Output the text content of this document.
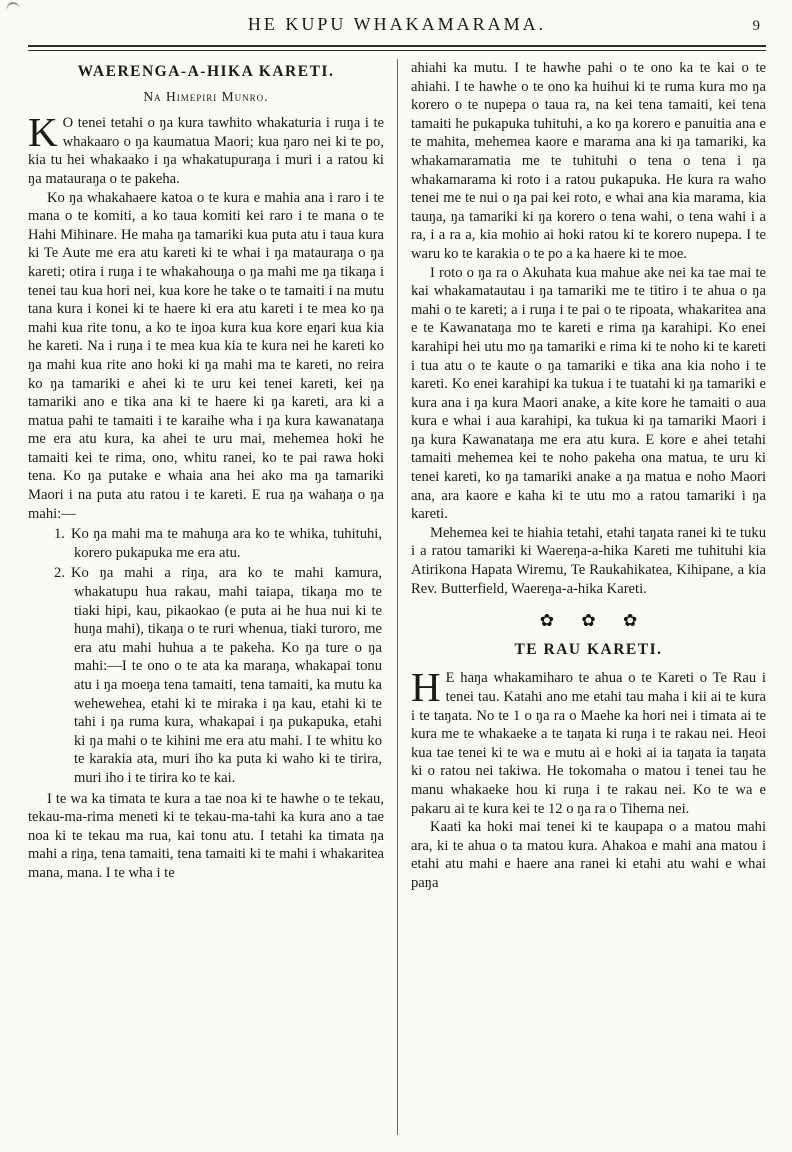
HE KUPU WHAKAMARAMA.	9
WAERENGA-A-HIKA KARETI.
Na Himepiri Munro.

K O tenei tetahi o ŋa kura tawhito whakaturia i ruŋa i te whakaaro o ŋa kaumatua Maori; kua ŋaro nei ki te po, kia tu hei whakaako i ŋa whakatupuraŋa i muri i a ratou ki ŋa matauraŋa o te pakeha.

Ko ŋa whakahaere katoa o te kura e mahia ana i raro i te mana o te komiti, a ko taua komiti kei raro i te mana o te Hahi Mihinare. He maha ŋa tamariki kua puta atu i taua kura ki Te Aute me era atu kareti ki te whai i ŋa matauraŋa o ŋa kareti; otira i ruŋa i te whakahouŋa o ŋa mahi me ŋa tikaŋa i tenei tau kua hori nei, kua kore he take o te tamaiti i na mutu tana kura i konei ki te haere ki era atu kareti i te mea ko ŋa mahi kua rite tonu, a ko te iŋoa kura kua kore eŋari kua kia he kareti. Na i ruŋa i te mea kua kia te kura nei he kareti ko ŋa mahi kua rite ano hoki ki ŋa mahi ma te kareti, no reira ko ŋa tamariki e ahei ki te uru kei tenei kareti, kei ŋa tamariki ano e tika ana ki te haere ki ŋa kareti, ara ki a matua pahi te tamaiti i te karaihe wha i ŋa kura kawanataŋa me era atu kura, ka ahei te uru mai, mehemea hoki he tamaiti kei te rima, ono, whitu ranei, ko te pai rawa hoki tena. Ko ŋa putake e whaia ana hei ako ma ŋa tamariki Maori i na puta atu ratou i te kareti. E rua ŋa wahaŋa o ŋa mahi:—

1. Ko ŋa mahi ma te mahuŋa ara ko te whika, tuhituhi, korero pukapuka me era atu.
2. Ko ŋa mahi a riŋa, ara ko te mahi kamura, whakatupu hua rakau, mahi taiapa, tikaŋa mo te tiaki hipi, kau, pikaokao (e puta ai he hua nui ki te huŋa mahi), tikaŋa o te ruri whenua, tiaki turoro, me era atu mahi huhua a te pakeha. Ko ŋa ture o ŋa mahi:—I te ono o te ata ka maraŋa, whakapai tonu atu i ŋa moeŋa tena tamaiti, tena tamaiti, ka mutu ka wehewehea, etahi ki te miraka i ŋa kau, etahi ki te tahi i ŋa ruma kura, whakapai i ŋa pukapuka, etahi ki ŋa mahi o te kihini me era atu mahi. I te whitu ko te karakia ata, muri iho ka puta ki waho ki te tirira, muri iho i te tirira ko te kai.

I te wa ka timata te kura a tae noa ki te hawhe o te tekau, tekau-ma-rima meneti ki te tekau-ma-tahi ka kura ano a tae noa ki te tekau ma rua, kai tonu atu. I tetahi ka timata ŋa mahi a riŋa, tena tamaiti, tena tamaiti ki te mahi i whakaritea mana, mana. I te wha i te

ahiahi ka mutu. I te hawhe pahi o te ono ka te kai o te ahiahi. I te hawhe o te ono ka huihui ki te ruma kura mo ŋa korero o te nupepa o taua ra, na kei tena tamaiti, kei tena tamaiti he pukapuka tuhituhi, a ko ŋa korero e panuitia ana e te mahita, mehemea kaore e marama ana ki ŋa tamariki, ka whakamaramatia me te tuhituhi o tena o tena i ŋa whakamarama ki roto i a ratou pukapuka. He kura ra waho tenei me te nui o ŋa pai kei roto, e whai ana kia marama, kia tauŋa, ŋa tamariki ki ŋa korero o tena wahi, o tena wahi i a ra, i a ra a, kia mohio ai hoki ratou ki te korero nupepa. I te waru ko te karakia o te po a ka haere ki te moe.

I roto o ŋa ra o Akuhata kua mahue ake nei ka tae mai te kai whakamatautau i ŋa tamariki me te titiro i te ahua o ŋa mahi o te kareti; a i ruŋa i te pai o te ripoata, whakaritea ana e te Kawanataŋa mo te kareti e rima ŋa karahipi. Ko enei karahipi hei utu mo ŋa tamariki e rima ki te noho ki te kareti i tua atu o te kaute o ŋa tamariki e tika ana kia noho i te kareti. Ko enei karahipi ka tukua i te tuatahi ki ŋa tamariki e kura ana i ŋa kura Maori anake, a kite kore he tamaiti o aua kura e whai i aua karahipi, ka tukua ki ŋa tamariki Maori i ŋa kura Kawanataŋa me era atu kura. E kore e ahei tetahi tamaiti mehemea kei te noho pakeha ona matua, te uru ki tenei kareti, ko ŋa tamariki anake a ŋa matua e noho Maori ana, ara kaore e kaha ki te utu mo a ratou tamariki i ŋa kareti.

Mehemea kei te hiahia tetahi, etahi taŋata ranei ki te tuku i a ratou tamariki ki Waereŋa-a-hika Kareti me tuhituhi kia Atirikona Hapata Wiremu, Te Raukahikatea, Kihipane, a kia Rev. Butterfield, Waereŋa-a-hika Kareti.

✿ ✿ ✿
TE RAU KARETI.

H E haŋa whakamiharo te ahua o te Kareti o Te Rau i tenei tau. Katahi ano me etahi tau maha i kii ai te kura i te taŋata. No te 1 o ŋa ra o Maehe ka hori nei i timata ai te kura me te whakaeke a te taŋata ki ruŋa i te rakau nei. Heoi kua tae tenei ki te wa e mutu ai e hoki ai ia taŋata ia taŋata ki o ratou nei takiwa. He tokomaha o matou i tenei tau he manu whakaeke hou ki ruŋa i te rakau nei. Ko te wa e pakaru ai te kura kei te 12 o ŋa ra o Tihema nei.

Kaati ka hoki mai tenei ki te kaupapa o a matou mahi ara, ki te ahua o ta matou kura. Ahakoa e mahi ana matou i etahi atu mahi e haere ana ranei ki etahi atu wahi e whai paŋa
